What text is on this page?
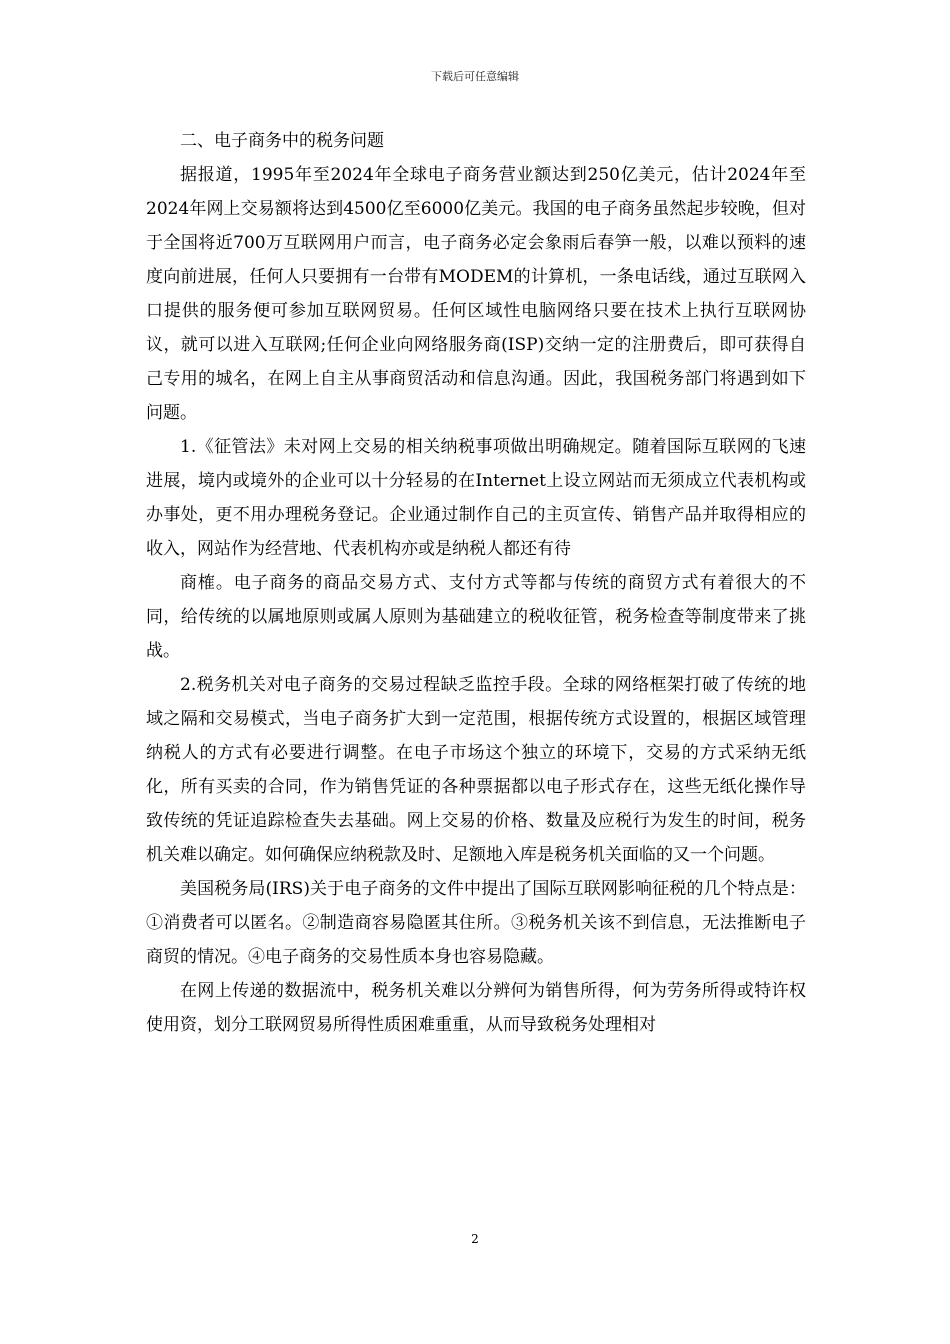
下载后可任意编辑

二、电子商务中的税务问题

据报道，1995年至2024年全球电子商务营业额达到250亿美元，估计2024年至2024年网上交易额将达到4500亿至6000亿美元。我国的电子商务虽然起步较晚，但对于全国将近700万互联网用户而言，电子商务必定会象雨后春笋一般，以难以预料的速度向前进展，任何人只要拥有一台带有MODEM的计算机，一条电话线，通过互联网入口提供的服务便可参加互联网贸易。任何区域性电脑网络只要在技术上执行互联网协议，就可以进入互联网;任何企业向网络服务商(ISP)交纳一定的注册费后，即可获得自己专用的城名，在网上自主从事商贸活动和信息沟通。因此，我国税务部门将遇到如下问题。

1.《征管法》未对网上交易的相关纳税事项做出明确规定。随着国际互联网的飞速进展，境内或境外的企业可以十分轻易的在Internet上设立网站而无须成立代表机构或办事处，更不用办理税务登记。企业通过制作自己的主页宣传、销售产品并取得相应的收入，网站作为经营地、代表机构亦或是纳税人都还有待

商榷。电子商务的商品交易方式、支付方式等都与传统的商贸方式有着很大的不同，给传统的以属地原则或属人原则为基础建立的税收征管，税务检查等制度带来了挑战。

2.税务机关对电子商务的交易过程缺乏监控手段。全球的网络框架打破了传统的地域之隔和交易模式，当电子商务扩大到一定范围，根据传统方式设置的，根据区域管理纳税人的方式有必要进行调整。在电子市场这个独立的环境下，交易的方式采纳无纸化，所有买卖的合同，作为销售凭证的各种票据都以电子形式存在，这些无纸化操作导致传统的凭证追踪检查失去基础。网上交易的价格、数量及应税行为发生的时间，税务机关难以确定。如何确保应纳税款及时、足额地入库是税务机关面临的又一个问题。

美国税务局(IRS)关于电子商务的文件中提出了国际互联网影响征税的几个特点是：①消费者可以匿名。②制造商容易隐匿其住所。③税务机关该不到信息，无法推断电子商贸的情况。④电子商务的交易性质本身也容易隐藏。

在网上传递的数据流中，税务机关难以分辨何为销售所得，何为劳务所得或特许权使用资，划分工联网贸易所得性质困难重重，从而导致税务处理相对

2
